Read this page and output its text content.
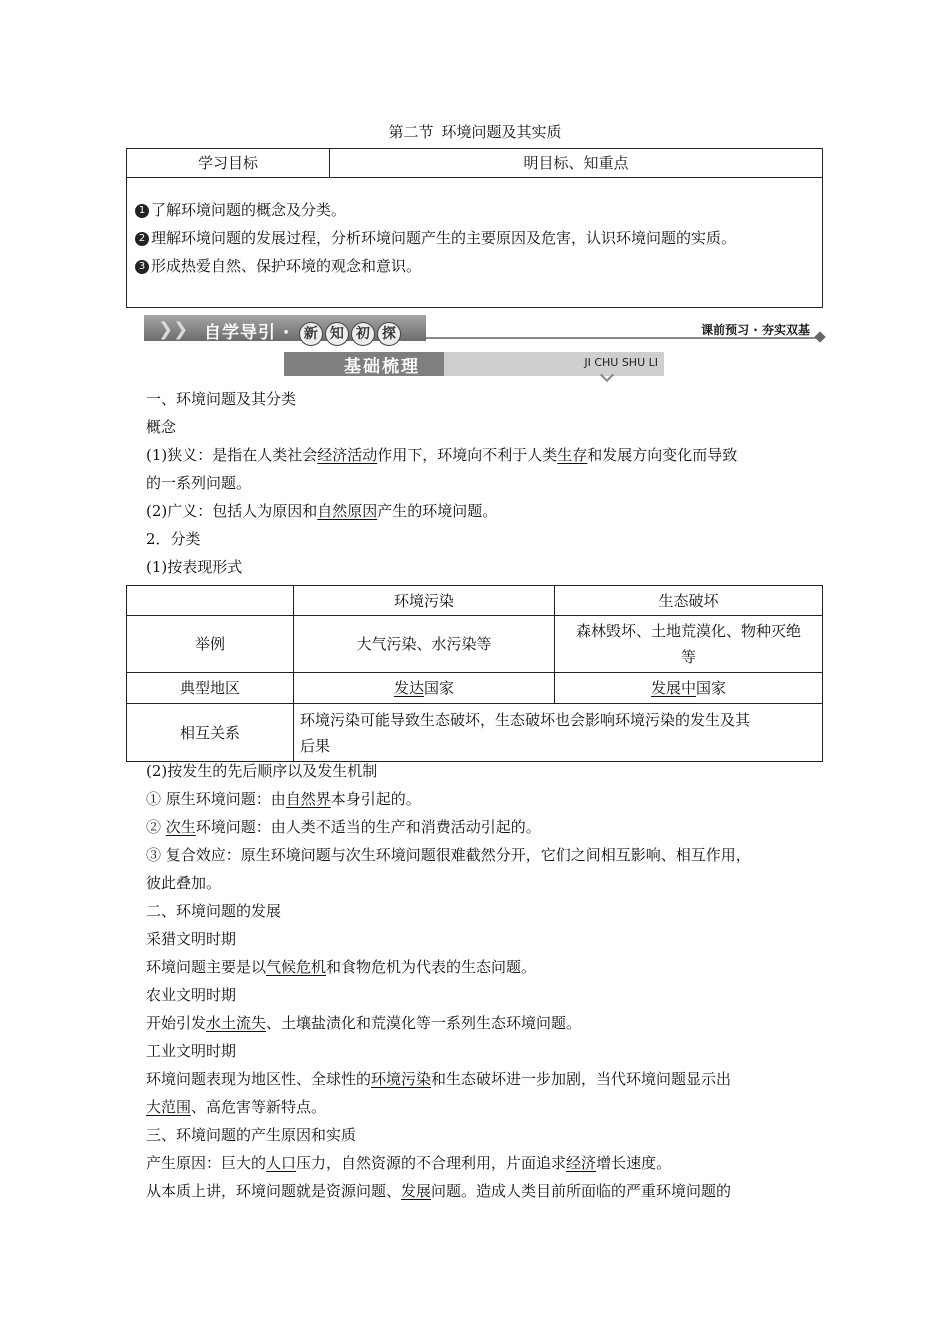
第二节 环境问题及其实质
学习目标	明目标、知重点
1 了解环境问题的概念及分类。
2 理解环境问题的发展过程，分析环境问题产生的主要原因及危害，认识环境问题的实质。
3 形成热爱自然、保护环境的观念和意识。
❯❯ 自学导引 · 新 知 初 探	课前预习 · 夯实双基
基础梳理	JI CHU SHU LI
一、环境问题及其分类
概念
(1)狭义：是指在人类社会经济活动作用下，环境向不利于人类生存和发展方向变化而导致
的一系列问题。
(2)广义：包括人为原因和自然原因产生的环境问题。
2．分类
(1)按表现形式
	环境污染	生态破坏
举例	大气污染、水污染等	森林毁坏、土地荒漠化、物种灭绝
等

典型地区	发达国家	发展中国家
相互关系	环境污染可能导致生态破坏，生态破坏也会影响环境污染的发生及其
后果	
(2)按发生的先后顺序以及发生机制
① 原生环境问题：由自然界本身引起的。
② 次生环境问题：由人类不适当的生产和消费活动引起的。
③ 复合效应：原生环境问题与次生环境问题很难截然分开，它们之间相互影响、相互作用，
彼此叠加。
二、环境问题的发展
采猎文明时期
环境问题主要是以气候危机和食物危机为代表的生态问题。
农业文明时期
开始引发水土流失、土壤盐渍化和荒漠化等一系列生态环境问题。
工业文明时期
环境问题表现为地区性、全球性的环境污染和生态破坏进一步加剧，当代环境问题显示出
大范围、高危害等新特点。
三、环境问题的产生原因和实质
产生原因：巨大的人口压力，自然资源的不合理利用，片面追求经济增长速度。
从本质上讲，环境问题就是资源问题、发展问题。造成人类目前所面临的严重环境问题的
